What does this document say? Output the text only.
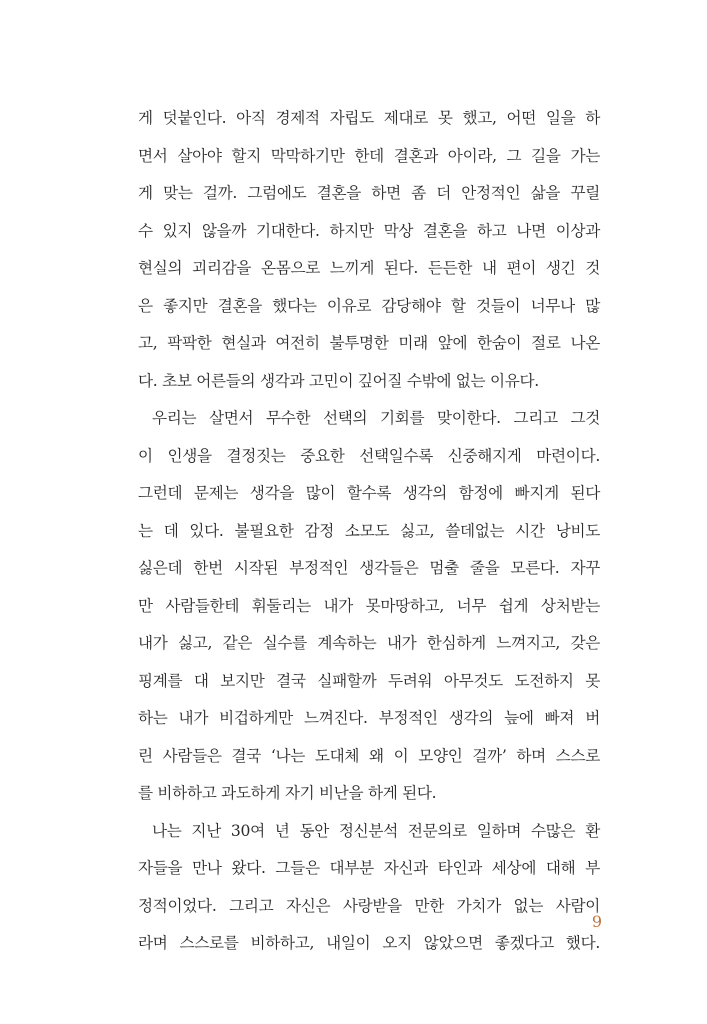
게 덧붙인다. 아직 경제적 자립도 제대로 못 했고, 어떤 일을 하
면서 살아야 할지 막막하기만 한데 결혼과 아이라, 그 길을 가는
게 맞는 걸까. 그럼에도 결혼을 하면 좀 더 안정적인 삶을 꾸릴
수 있지 않을까 기대한다. 하지만 막상 결혼을 하고 나면 이상과
현실의 괴리감을 온몸으로 느끼게 된다. 든든한 내 편이 생긴 것
은 좋지만 결혼을 했다는 이유로 감당해야 할 것들이 너무나 많
고, 팍팍한 현실과 여전히 불투명한 미래 앞에 한숨이 절로 나온
다. 초보 어른들의 생각과 고민이 깊어질 수밖에 없는 이유다.
우리는 살면서 무수한 선택의 기회를 맞이한다. 그리고 그것
이 인생을 결정짓는 중요한 선택일수록 신중해지게 마련이다.
그런데 문제는 생각을 많이 할수록 생각의 함정에 빠지게 된다
는 데 있다. 불필요한 감정 소모도 싫고, 쓸데없는 시간 낭비도
싫은데 한번 시작된 부정적인 생각들은 멈출 줄을 모른다. 자꾸
만 사람들한테 휘둘리는 내가 못마땅하고, 너무 쉽게 상처받는
내가 싫고, 같은 실수를 계속하는 내가 한심하게 느껴지고, 갖은
핑계를 대 보지만 결국 실패할까 두려워 아무것도 도전하지 못
하는 내가 비겁하게만 느껴진다. 부정적인 생각의 늪에 빠져 버
린 사람들은 결국 ‘나는 도대체 왜 이 모양인 걸까’ 하며 스스로
를 비하하고 과도하게 자기 비난을 하게 된다.
나는 지난 30여 년 동안 정신분석 전문의로 일하며 수많은 환
자들을 만나 왔다. 그들은 대부분 자신과 타인과 세상에 대해 부
정적이었다. 그리고 자신은 사랑받을 만한 가치가 없는 사람이
라며 스스로를 비하하고, 내일이 오지 않았으면 좋겠다고 했다.
9
